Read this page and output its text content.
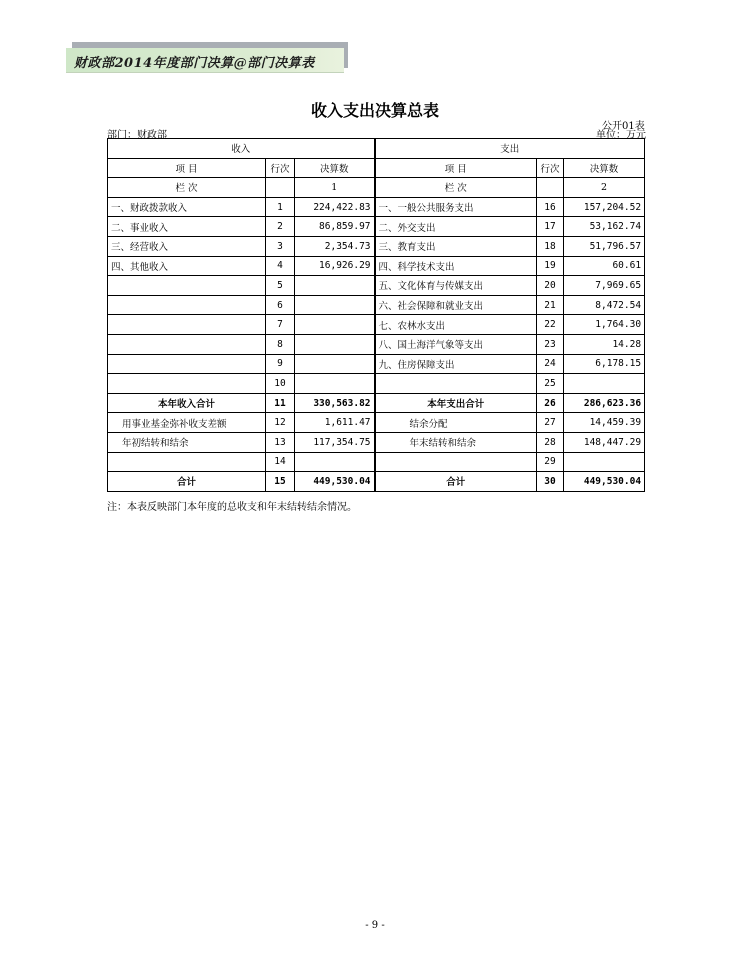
财政部2014年度部门决算@部门决算表
收入支出决算总表
公开01表
部门：财政部	单位：万元
收入			支出		
项 目	行次	决算数	项 目	行次	决算数
栏 次		1	栏 次		2
一、财政拨款收入	1	224,422.83	一、一般公共服务支出	16	157,204.52
二、事业收入	2	86,859.97	二、外交支出	17	53,162.74
三、经营收入	3	2,354.73	三、教育支出	18	51,796.57
四、其他收入	4	16,926.29	四、科学技术支出	19	60.61
	5		五、文化体育与传媒支出	20	7,969.65
	6		六、社会保障和就业支出	21	8,472.54
	7		七、农林水支出	22	1,764.30
	8		八、国土海洋气象等支出	23	14.28
	9		九、住房保障支出	24	6,178.15
	10			25	
本年收入合计	11	330,563.82	本年支出合计	26	286,623.36
用事业基金弥补收支差额	12	1,611.47	结余分配	27	14,459.39
年初结转和结余	13	117,354.75	年末结转和结余	28	148,447.29
	14			29	
合计	15	449,530.04	合计	30	449,530.04
注：本表反映部门本年度的总收支和年末结转结余情况。
- 9 -
